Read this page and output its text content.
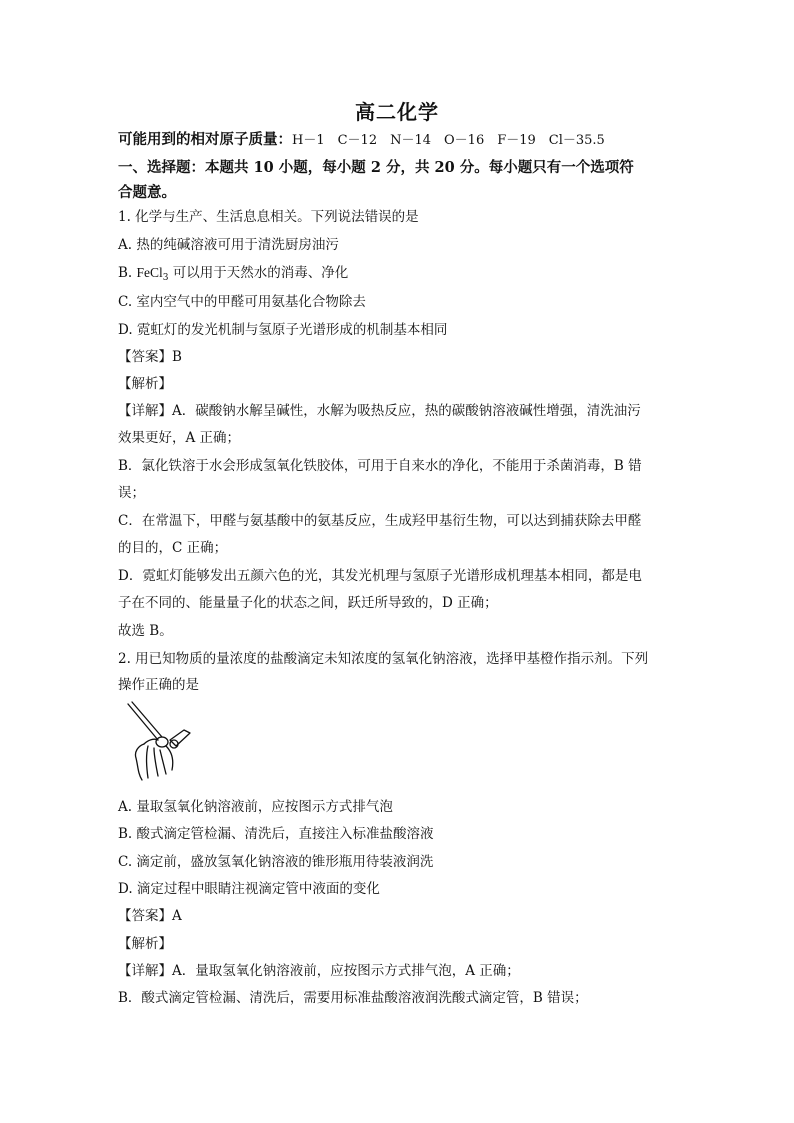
高二化学
可能用到的相对原子质量：H－1　C－12　N－14　O－16　F－19　Cl－35.5
一、选择题：本题共 10 小题，每小题 2 分，共 20 分。每小题只有一个选项符
合题意。
1. 化学与生产、生活息息相关。下列说法错误的是
A. 热的纯碱溶液可用于清洗厨房油污
B. FeCl$_3$ 可以用于天然水的消毒、净化
C. 室内空气中的甲醛可用氨基化合物除去
D. 霓虹灯的发光机制与氢原子光谱形成的机制基本相同
【答案】B
【解析】
【详解】A．碳酸钠水解呈碱性，水解为吸热反应，热的碳酸钠溶液碱性增强，清洗油污
效果更好，A 正确；
B．氯化铁溶于水会形成氢氧化铁胶体，可用于自来水的净化，不能用于杀菌消毒，B 错
误；
C．在常温下，甲醛与氨基酸中的氨基反应，生成羟甲基衍生物，可以达到捕获除去甲醛
的目的，C 正确；
D．霓虹灯能够发出五颜六色的光，其发光机理与氢原子光谱形成机理基本相同，都是电
子在不同的、能量量子化的状态之间，跃迁所导致的，D 正确；
故选 B。
2. 用已知物质的量浓度的盐酸滴定未知浓度的氢氧化钠溶液，选择甲基橙作指示剂。下列
操作正确的是
A. 量取氢氧化钠溶液前，应按图示方式排气泡
B. 酸式滴定管检漏、清洗后，直接注入标准盐酸溶液
C. 滴定前，盛放氢氧化钠溶液的锥形瓶用待装液润洗
D. 滴定过程中眼睛注视滴定管中液面的变化
【答案】A
【解析】
【详解】A．量取氢氧化钠溶液前，应按图示方式排气泡，A 正确；
B．酸式滴定管检漏、清洗后，需要用标准盐酸溶液润洗酸式滴定管，B 错误；
